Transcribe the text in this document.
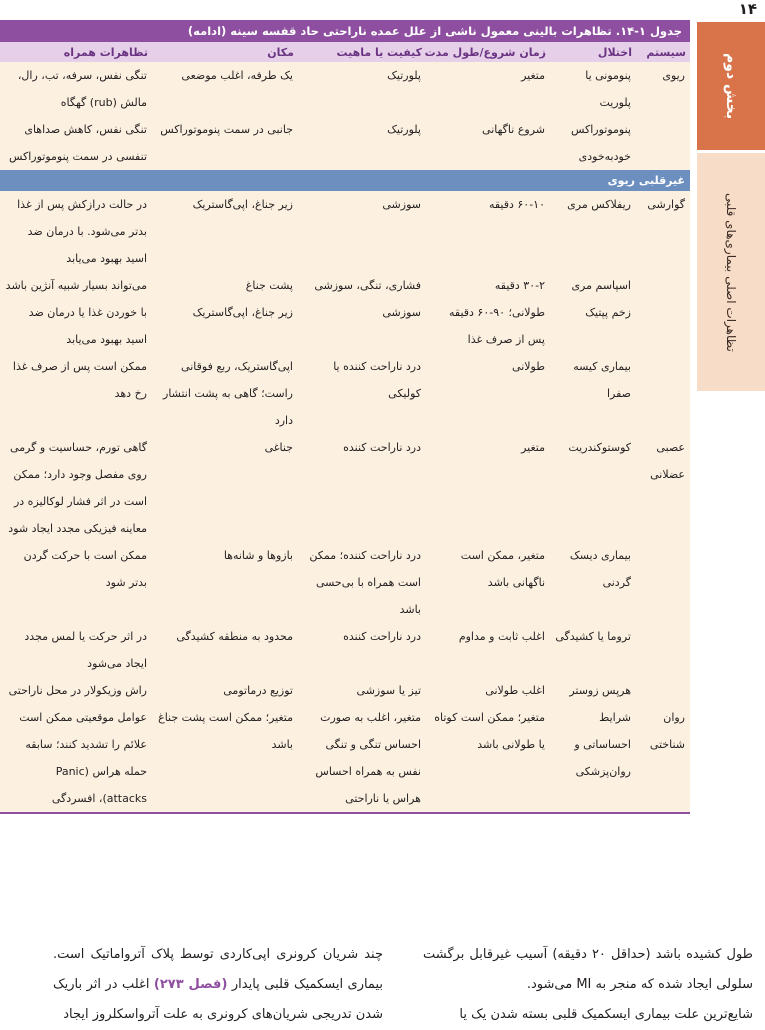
۱۴
بخش دوم
تظاهرات اصلی بیماری‌های قلبی
جدول ۱-۱۴. تظاهرات بالینی معمول ناشی از علل عمده ناراحتی حاد قفسه سینه (ادامه)
سیستم	اختلال	زمان شروع/طول مدت	کیفیت یا ماهیت	مکان	تظاهرات همراه
ریوی	پنومونی یا پلوریت	متغیر	پلورتیک	یک طرفه، اغلب موضعی	تنگی نفس، سرفه، تب، رال، مالش (rub) گهگاه
	پنوموتوراکس خودبه‌خودی	شروع ناگهانی	پلورتیک	جانبی در سمت پنوموتوراکس	تنگی نفس، کاهش صداهای تنفسی در سمت پنوموتوراکس
غیرقلبی ریوی					
گوارشی	ریفلاکس مری	۶۰-۱۰ دقیقه	سوزشی	زیر جناغ، اپی‌گاستریک	در حالت درازکش پس از غذا بدتر می‌شود. با درمان ضد اسید بهبود می‌یابد
	اسپاسم مری	۳۰-۲ دقیقه	فشاری، تنگی، سوزشی	پشت جناغ	می‌تواند بسیار شبیه آنژین باشد
	زخم پپتیک	طولانی؛ ۹۰-۶۰ دقیقه پس از صرف غذا	سوزشی	زیر جناغ، اپی‌گاستریک	با خوردن غذا یا درمان ضد اسید بهبود می‌یابد
	بیماری کیسه صفرا	طولانی	درد ناراحت کننده یا کولیکی	اپی‌گاستریک، ربع فوقانی راست؛ گاهی به پشت انتشار دارد	ممکن است پس از صرف غذا رخ دهد
عصبی عضلانی	کوستوکندریت	متغیر	درد ناراحت کننده	جناغی	گاهی تورم، حساسیت و گرمی روی مفصل وجود دارد؛ ممکن است در اثر فشار لوکالیزه در معاینه فیزیکی مجدد ایجاد شود
	بیماری دیسک گردنی	متغیر، ممکن است ناگهانی باشد	درد ناراحت کننده؛ ممکن است همراه با بی‌حسی باشد	بازوها و شانه‌ها	ممکن است با حرکت گردن بدتر شود
	تروما یا کشیدگی	اغلب ثابت و مداوم	درد ناراحت کننده	محدود به منطقه کشیدگی	در اثر حرکت یا لمس مجدد ایجاد می‌شود
	هرپس زوستر	اغلب طولانی	تیز یا سوزشی	توزیع درماتومی	راش وزیکولار در محل ناراحتی
روان شناختی	شرایط احساساتی و روان‌پزشکی	متغیر؛ ممکن است کوتاه یا طولانی باشد	متغیر، اغلب به صورت احساس تنگی و تنگی نفس به همراه احساس هراس یا ناراحتی	متغیر؛ ممکن است پشت جناغ باشد	عوامل موقعیتی ممکن است علائم را تشدید کنند؛ سابقه حمله هراس (Panic attacks)، افسردگی
طول کشیده باشد (حداقل ۲۰ دقیقه) آسیب غیرقابل برگشت سلولی ایجاد شده که منجر به MI می‌شود.
شایع‌ترین علت بیماری ایسکمیک قلبی بسته شدن یک یا
چند شریان کرونری اپی‌کاردی توسط پلاک آترواماتیک است. بیماری ایسکمیک قلبی پایدار (فصل ۲۷۳) اغلب در اثر باریک شدن تدریجی شریان‌های کرونری به علت آترواسکلروز ایجاد
